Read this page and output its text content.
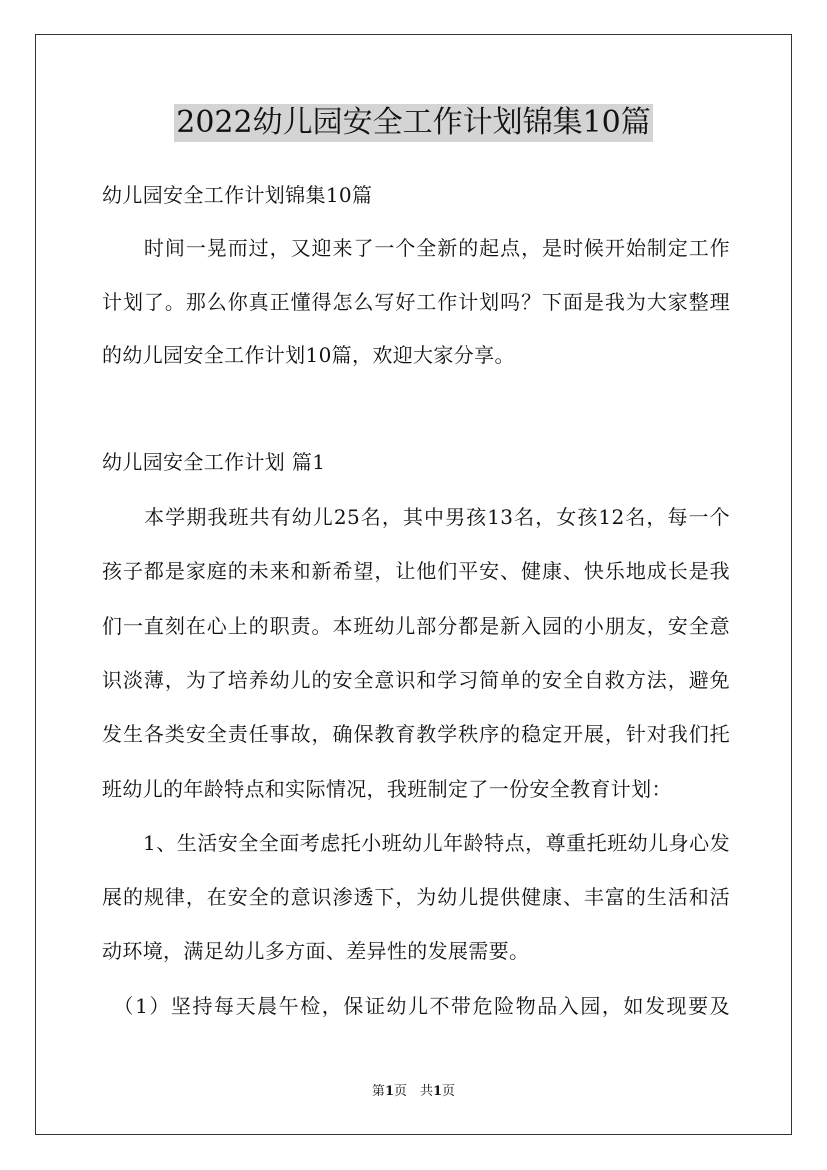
2022幼儿园安全工作计划锦集10篇
幼儿园安全工作计划锦集10篇
　　时间一晃而过，又迎来了一个全新的起点，是时候开始制定工作
计划了。那么你真正懂得怎么写好工作计划吗？下面是我为大家整理
的幼儿园安全工作计划10篇，欢迎大家分享。
幼儿园安全工作计划 篇1
　　本学期我班共有幼儿25名，其中男孩13名，女孩12名，每一个
孩子都是家庭的未来和新希望，让他们平安、健康、快乐地成长是我
们一直刻在心上的职责。本班幼儿部分都是新入园的小朋友，安全意
识淡薄，为了培养幼儿的安全意识和学习简单的安全自救方法，避免
发生各类安全责任事故，确保教育教学秩序的稳定开展，针对我们托
班幼儿的年龄特点和实际情况，我班制定了一份安全教育计划：
　　1、生活安全全面考虑托小班幼儿年龄特点，尊重托班幼儿身心发
展的规律，在安全的意识渗透下，为幼儿提供健康、丰富的生活和活
动环境，满足幼儿多方面、差异性的发展需要。
　（1）坚持每天晨午检，保证幼儿不带危险物品入园，如发现要及
第1页　共1页
